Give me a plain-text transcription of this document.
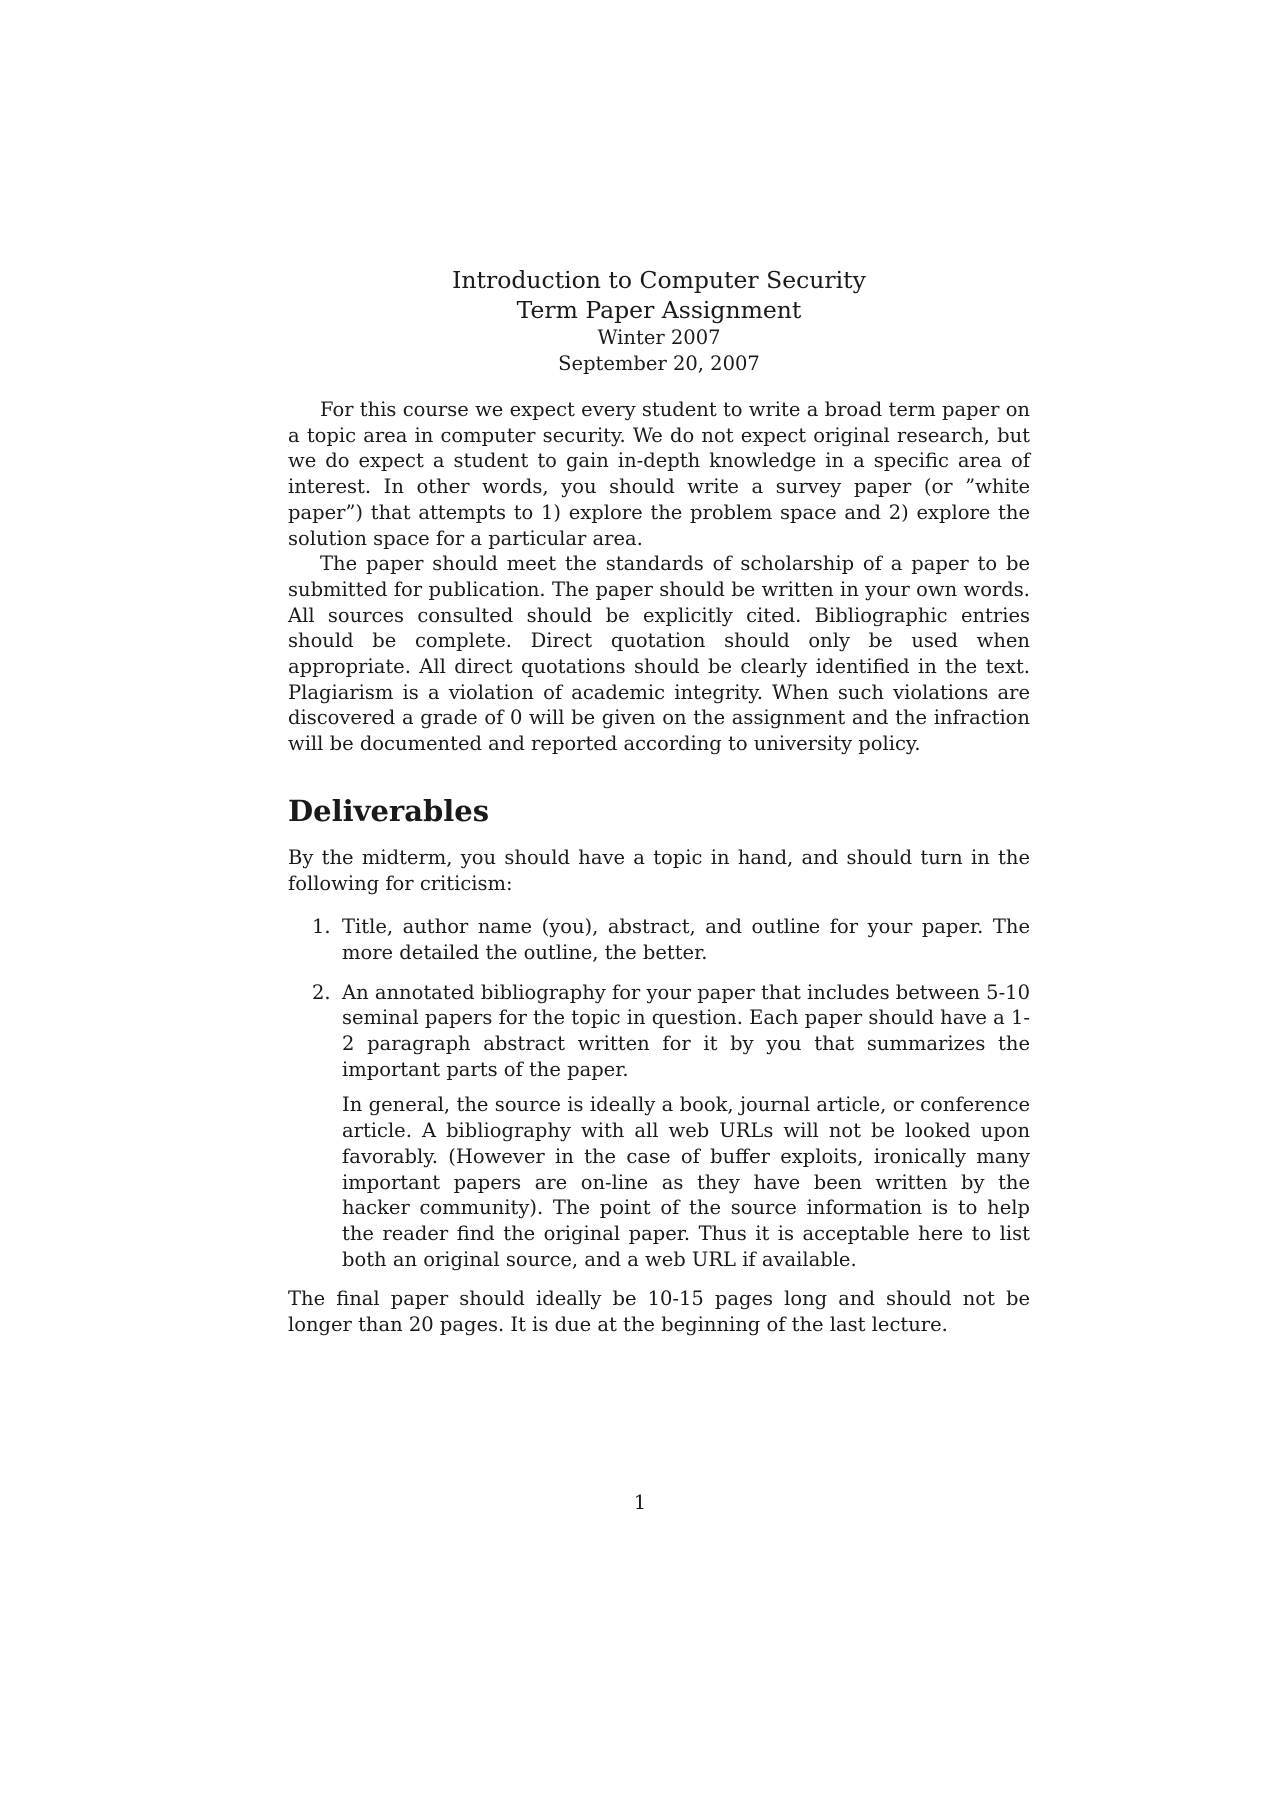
Introduction to Computer Security
Term Paper Assignment
Winter 2007
September 20, 2007

For this course we expect every student to write a broad term paper on a topic area in computer security. We do not expect original research, but we do expect a student to gain in-depth knowledge in a specific area of interest. In other words, you should write a survey paper (or ”white paper”) that attempts to 1) explore the problem space and 2) explore the solution space for a particular area.

The paper should meet the standards of scholarship of a paper to be submitted for publication. The paper should be written in your own words. All sources consulted should be explicitly cited. Bibliographic entries should be complete. Direct quotation should only be used when appropriate. All direct quotations should be clearly identified in the text. Plagiarism is a violation of academic integrity. When such violations are discovered a grade of 0 will be given on the assignment and the infraction will be documented and reported according to university policy.

Deliverables

By the midterm, you should have a topic in hand, and should turn in the following for criticism:

1. Title, author name (you), abstract, and outline for your paper. The more detailed the outline, the better.

2. An annotated bibliography for your paper that includes between 5-10 seminal papers for the topic in question. Each paper should have a 1-2 paragraph abstract written for it by you that summarizes the important parts of the paper.

In general, the source is ideally a book, journal article, or conference article. A bibliography with all web URLs will not be looked upon favorably. (However in the case of buffer exploits, ironically many important papers are on-line as they have been written by the hacker community). The point of the source information is to help the reader find the original paper. Thus it is acceptable here to list both an original source, and a web URL if available.

The final paper should ideally be 10-15 pages long and should not be longer than 20 pages. It is due at the beginning of the last lecture.

1
